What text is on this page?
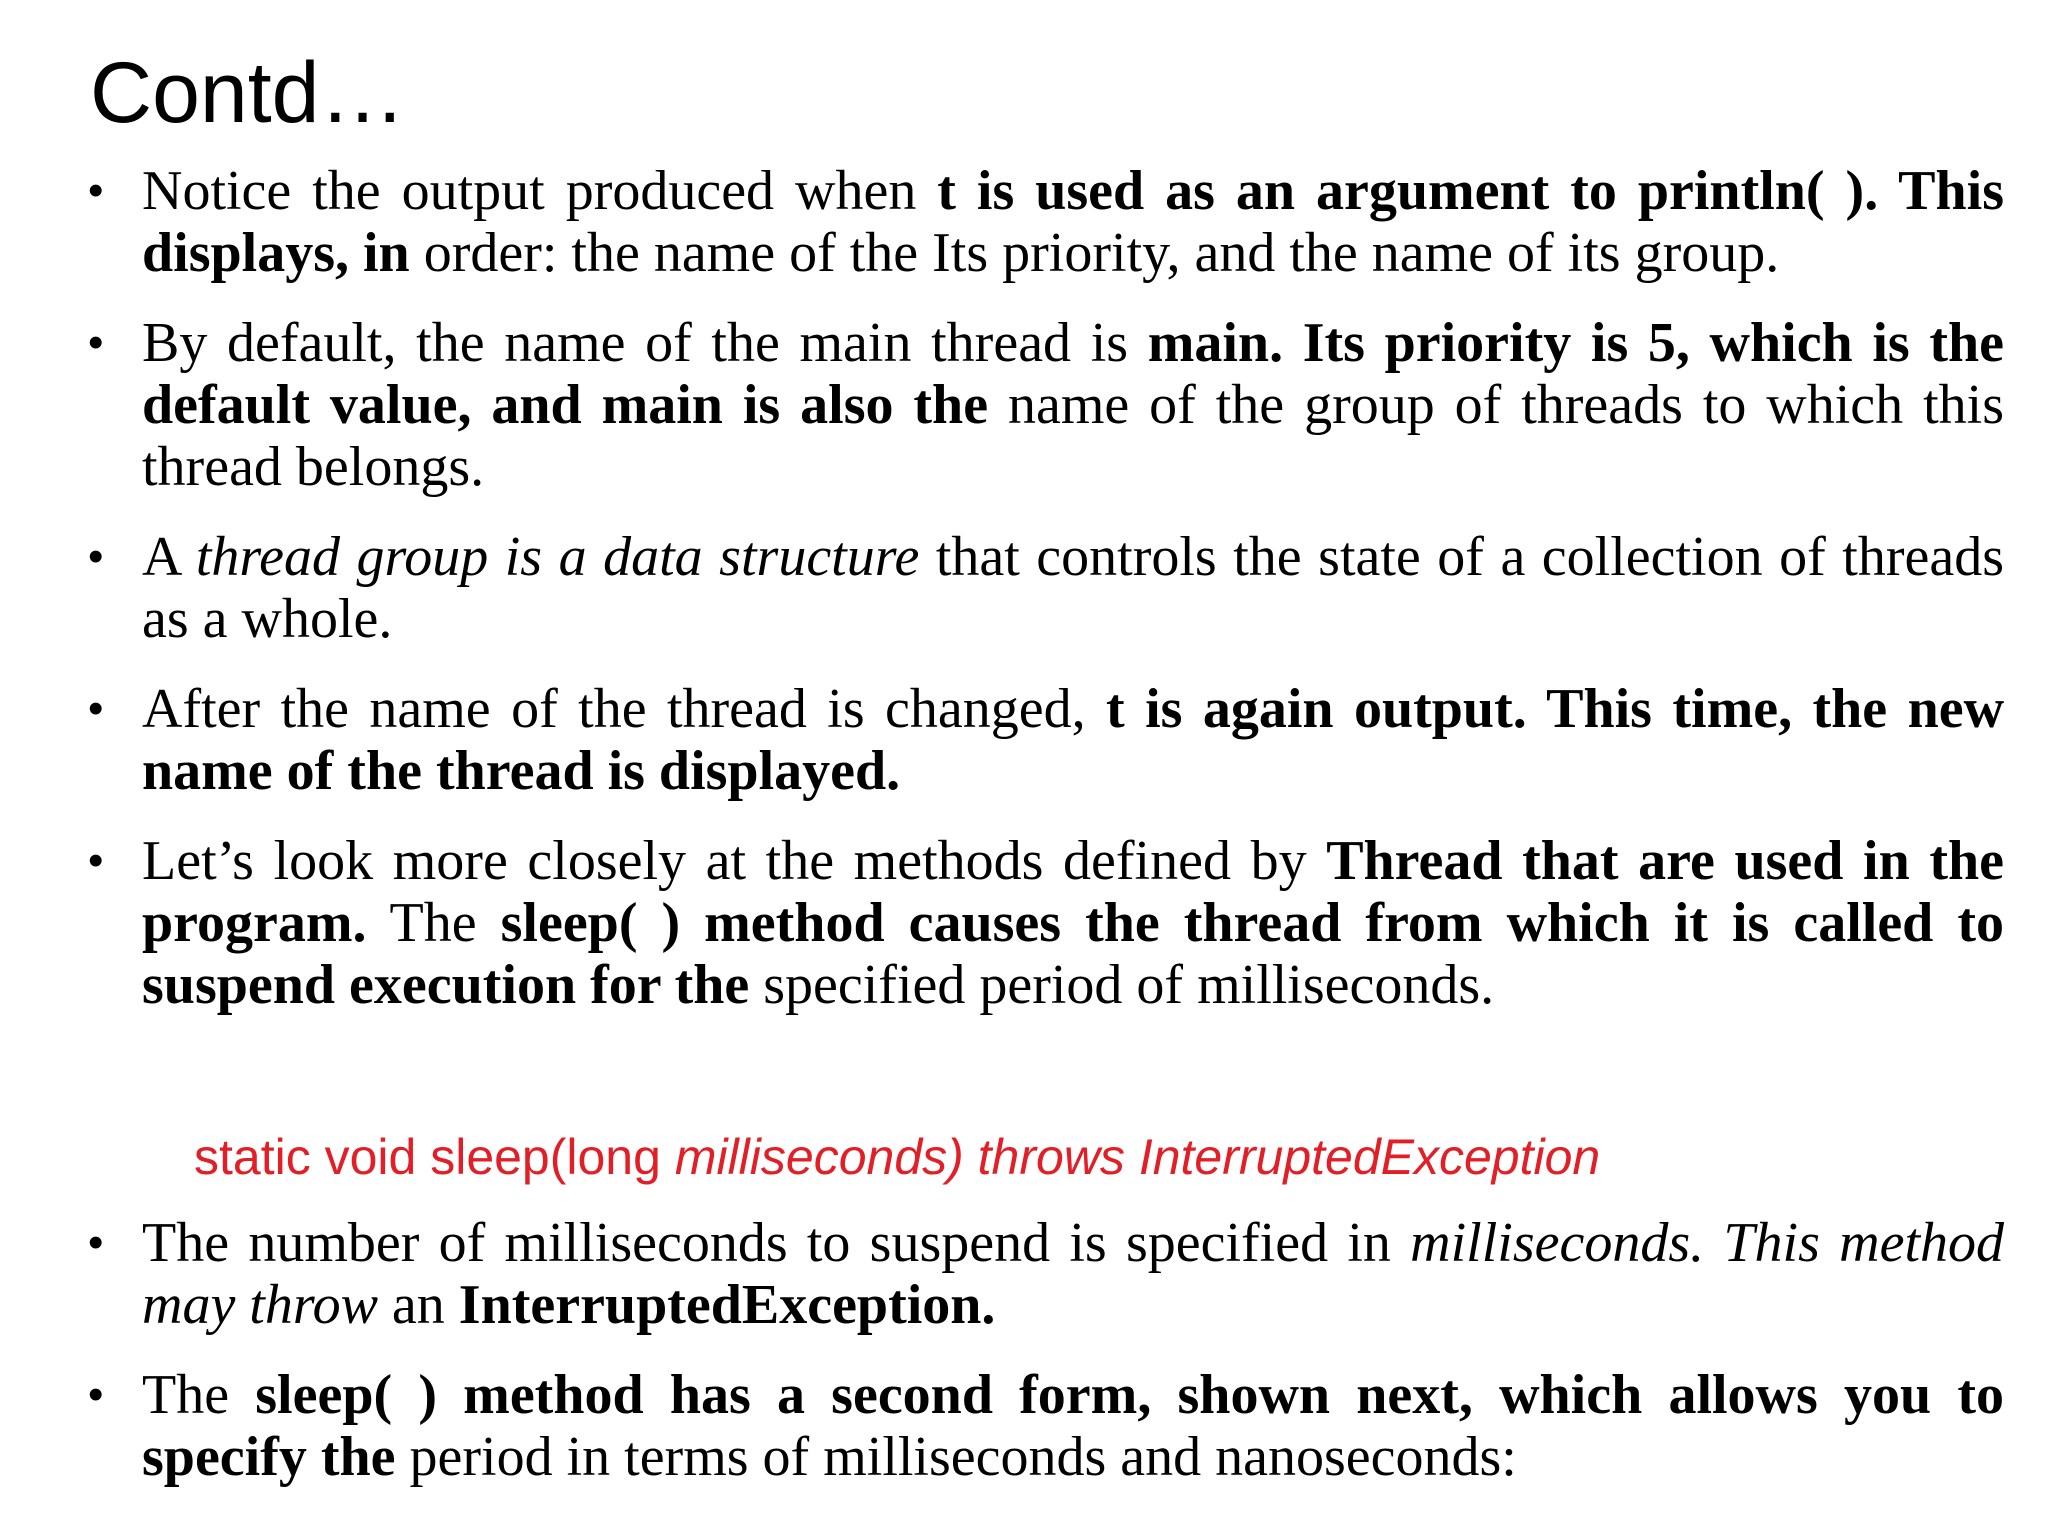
Contd…
• Notice the output produced when t is used as an argument to println( ). This displays, in order: the name of the Its priority, and the name of its group.
• By default, the name of the main thread is main. Its priority is 5, which is the default value, and main is also the name of the group of threads to which this thread belongs.
• A thread group is a data structure that controls the state of a collection of threads as a whole.
• After the name of the thread is changed, t is again output. This time, the new name of the thread is displayed.
• Let’s look more closely at the methods defined by Thread that are used in the program. The sleep( ) method causes the thread from which it is called to suspend execution for the specified period of milliseconds.
static void sleep(long milliseconds) throws InterruptedException
• The number of milliseconds to suspend is specified in milliseconds. This method may throw an InterruptedException.
• The sleep( ) method has a second form, shown next, which allows you to specify the period in terms of milliseconds and nanoseconds:
